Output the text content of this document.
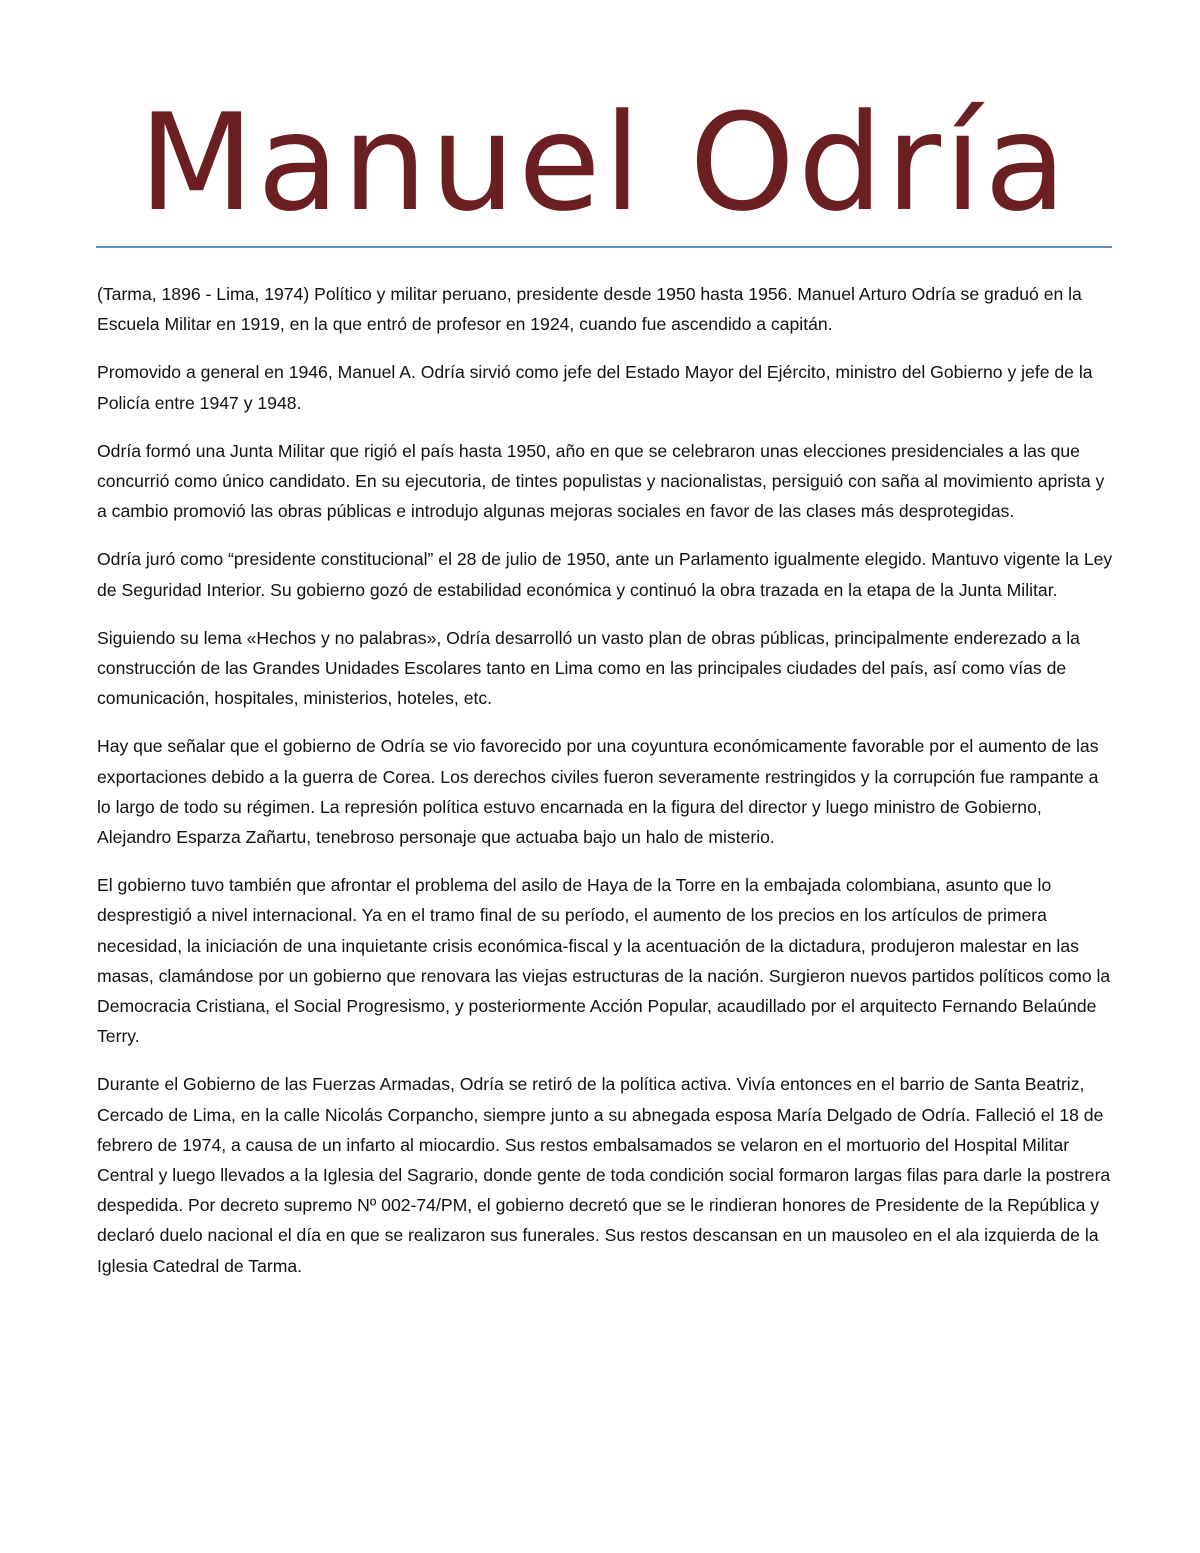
Manuel Odría

(Tarma, 1896 - Lima, 1974) Político y militar peruano, presidente desde 1950 hasta 1956. Manuel Arturo Odría se graduó en la Escuela Militar en 1919, en la que entró de profesor en 1924, cuando fue ascendido a capitán.

Promovido a general en 1946, Manuel A. Odría sirvió como jefe del Estado Mayor del Ejército, ministro del Gobierno y jefe de la Policía entre 1947 y 1948.

Odría formó una Junta Militar que rigió el país hasta 1950, año en que se celebraron unas elecciones presidenciales a las que concurrió como único candidato. En su ejecutoria, de tintes populistas y nacionalistas, persiguió con saña al movimiento aprista y a cambio promovió las obras públicas e introdujo algunas mejoras sociales en favor de las clases más desprotegidas.

Odría juró como “presidente constitucional” el 28 de julio de 1950, ante un Parlamento igualmente elegido. Mantuvo vigente la Ley de Seguridad Interior. Su gobierno gozó de estabilidad económica y continuó la obra trazada en la etapa de la Junta Militar.

Siguiendo su lema «Hechos y no palabras», Odría desarrolló un vasto plan de obras públicas, principalmente enderezado a la construcción de las Grandes Unidades Escolares tanto en Lima como en las principales ciudades del país, así como vías de comunicación, hospitales, ministerios, hoteles, etc.

Hay que señalar que el gobierno de Odría se vio favorecido por una coyuntura económicamente favorable por el aumento de las exportaciones debido a la guerra de Corea. Los derechos civiles fueron severamente restringidos y la corrupción fue rampante a lo largo de todo su régimen. La represión política estuvo encarnada en la figura del director y luego ministro de Gobierno, Alejandro Esparza Zañartu, tenebroso personaje que actuaba bajo un halo de misterio.

El gobierno tuvo también que afrontar el problema del asilo de Haya de la Torre en la embajada colombiana, asunto que lo desprestigió a nivel internacional. Ya en el tramo final de su período, el aumento de los precios en los artículos de primera necesidad, la iniciación de una inquietante crisis económica-fiscal y la acentuación de la dictadura, produjeron malestar en las masas, clamándose por un gobierno que renovara las viejas estructuras de la nación. Surgieron nuevos partidos políticos como la Democracia Cristiana, el Social Progresismo, y posteriormente Acción Popular, acaudillado por el arquitecto Fernando Belaúnde Terry.

Durante el Gobierno de las Fuerzas Armadas, Odría se retiró de la política activa. Vivía entonces en el barrio de Santa Beatriz, Cercado de Lima, en la calle Nicolás Corpancho, siempre junto a su abnegada esposa María Delgado de Odría. Falleció el 18 de febrero de 1974, a causa de un infarto al miocardio. Sus restos embalsamados se velaron en el mortuorio del Hospital Militar Central y luego llevados a la Iglesia del Sagrario, donde gente de toda condición social formaron largas filas para darle la postrera despedida. Por decreto supremo Nº 002-74/PM, el gobierno decretó que se le rindieran honores de Presidente de la República y declaró duelo nacional el día en que se realizaron sus funerales. Sus restos descansan en un mausoleo en el ala izquierda de la Iglesia Catedral de Tarma.
